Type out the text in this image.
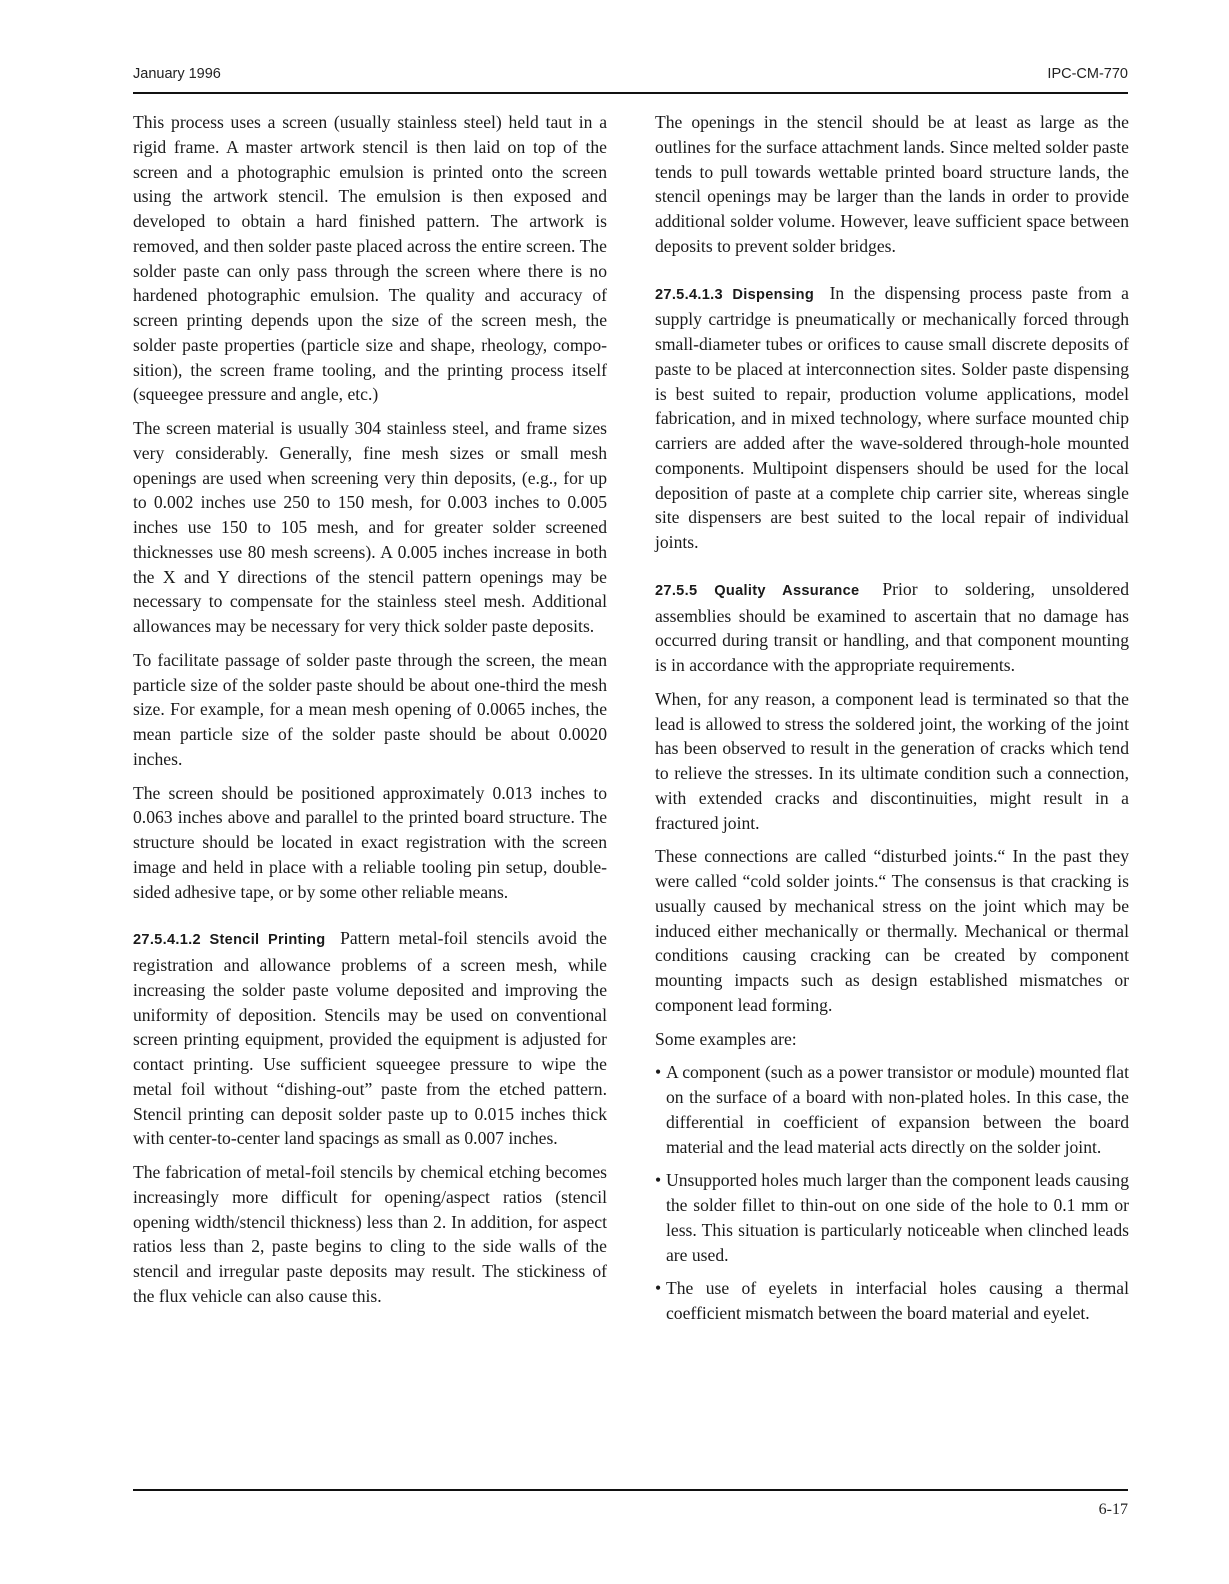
January 1996	IPC-CM-770

This process uses a screen (usually stainless steel) held taut in a rigid frame. A master artwork stencil is then laid on top of the screen and a photographic emulsion is printed onto the screen using the artwork stencil. The emulsion is then exposed and developed to obtain a hard finished pattern. The artwork is removed, and then solder paste placed across the entire screen. The solder paste can only pass through the screen where there is no hardened photographic emulsion. The quality and accuracy of screen printing depends upon the size of the screen mesh, the solder paste properties (particle size and shape, rheology, composition), the screen frame tooling, and the printing process itself (squeegee pressure and angle, etc.)

The screen material is usually 304 stainless steel, and frame sizes very considerably. Generally, fine mesh sizes or small mesh openings are used when screening very thin deposits, (e.g., for up to 0.002 inches use 250 to 150 mesh, for 0.003 inches to 0.005 inches use 150 to 105 mesh, and for greater solder screened thicknesses use 80 mesh screens). A 0.005 inches increase in both the X and Y directions of the stencil pattern openings may be necessary to compensate for the stainless steel mesh. Additional allowances may be necessary for very thick solder paste deposits.

To facilitate passage of solder paste through the screen, the mean particle size of the solder paste should be about one-third the mesh size. For example, for a mean mesh opening of 0.0065 inches, the mean particle size of the solder paste should be about 0.0020 inches.

The screen should be positioned approximately 0.013 inches to 0.063 inches above and parallel to the printed board structure. The structure should be located in exact registration with the screen image and held in place with a reliable tooling pin setup, double-sided adhesive tape, or by some other reliable means.

27.5.4.1.2 Stencil Printing Pattern metal-foil stencils avoid the registration and allowance problems of a screen mesh, while increasing the solder paste volume deposited and improving the uniformity of deposition. Stencils may be used on conventional screen printing equipment, provided the equipment is adjusted for contact printing. Use sufficient squeegee pressure to wipe the metal foil without “dishing-out” paste from the etched pattern. Stencil printing can deposit solder paste up to 0.015 inches thick with center-to-center land spacings as small as 0.007 inches.

The fabrication of metal-foil stencils by chemical etching becomes increasingly more difficult for opening/aspect ratios (stencil opening width/stencil thickness) less than 2. In addition, for aspect ratios less than 2, paste begins to cling to the side walls of the stencil and irregular paste deposits may result. The stickiness of the flux vehicle can also cause this.

The openings in the stencil should be at least as large as the outlines for the surface attachment lands. Since melted solder paste tends to pull towards wettable printed board structure lands, the stencil openings may be larger than the lands in order to provide additional solder volume. However, leave sufficient space between deposits to prevent solder bridges.

27.5.4.1.3 Dispensing In the dispensing process paste from a supply cartridge is pneumatically or mechanically forced through small-diameter tubes or orifices to cause small discrete deposits of paste to be placed at interconnection sites. Solder paste dispensing is best suited to repair, production volume applications, model fabrication, and in mixed technology, where surface mounted chip carriers are added after the wave-soldered through-hole mounted components. Multipoint dispensers should be used for the local deposition of paste at a complete chip carrier site, whereas single site dispensers are best suited to the local repair of individual joints.

27.5.5 Quality Assurance Prior to soldering, unsoldered assemblies should be examined to ascertain that no damage has occurred during transit or handling, and that component mounting is in accordance with the appropriate requirements.

When, for any reason, a component lead is terminated so that the lead is allowed to stress the soldered joint, the working of the joint has been observed to result in the generation of cracks which tend to relieve the stresses. In its ultimate condition such a connection, with extended cracks and discontinuities, might result in a fractured joint.

These connections are called “disturbed joints.“ In the past they were called “cold solder joints.“ The consensus is that cracking is usually caused by mechanical stress on the joint which may be induced either mechanically or thermally. Mechanical or thermal conditions causing cracking can be created by component mounting impacts such as design established mismatches or component lead forming.

Some examples are:

• A component (such as a power transistor or module) mounted flat on the surface of a board with non-plated holes. In this case, the differential in coefficient of expansion between the board material and the lead material acts directly on the solder joint.
• Unsupported holes much larger than the component leads causing the solder fillet to thin-out on one side of the hole to 0.1 mm or less. This situation is particularly noticeable when clinched leads are used.
• The use of eyelets in interfacial holes causing a thermal coefficient mismatch between the board material and eyelet.
6-17
